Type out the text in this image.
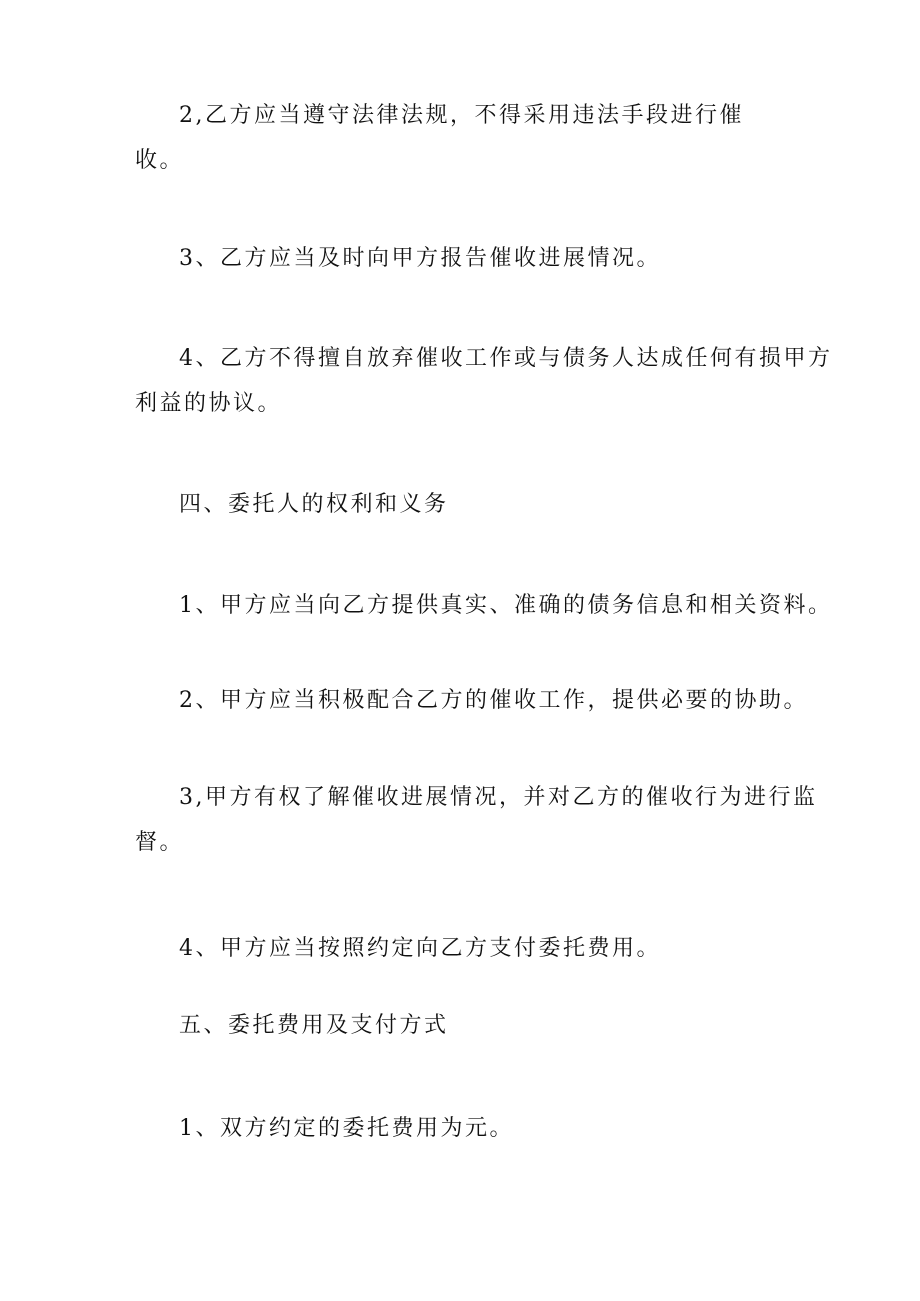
2,乙方应当遵守法律法规，不得采用违法手段进行催
收。

3、乙方应当及时向甲方报告催收进展情况。

4、乙方不得擅自放弃催收工作或与债务人达成任何有损甲方
利益的协议。

四、委托人的权利和义务

1、甲方应当向乙方提供真实、准确的债务信息和相关资料。

2、甲方应当积极配合乙方的催收工作，提供必要的协助。

3,甲方有权了解催收进展情况，并对乙方的催收行为进行监
督。

4、甲方应当按照约定向乙方支付委托费用。

五、委托费用及支付方式

1、双方约定的委托费用为元。
